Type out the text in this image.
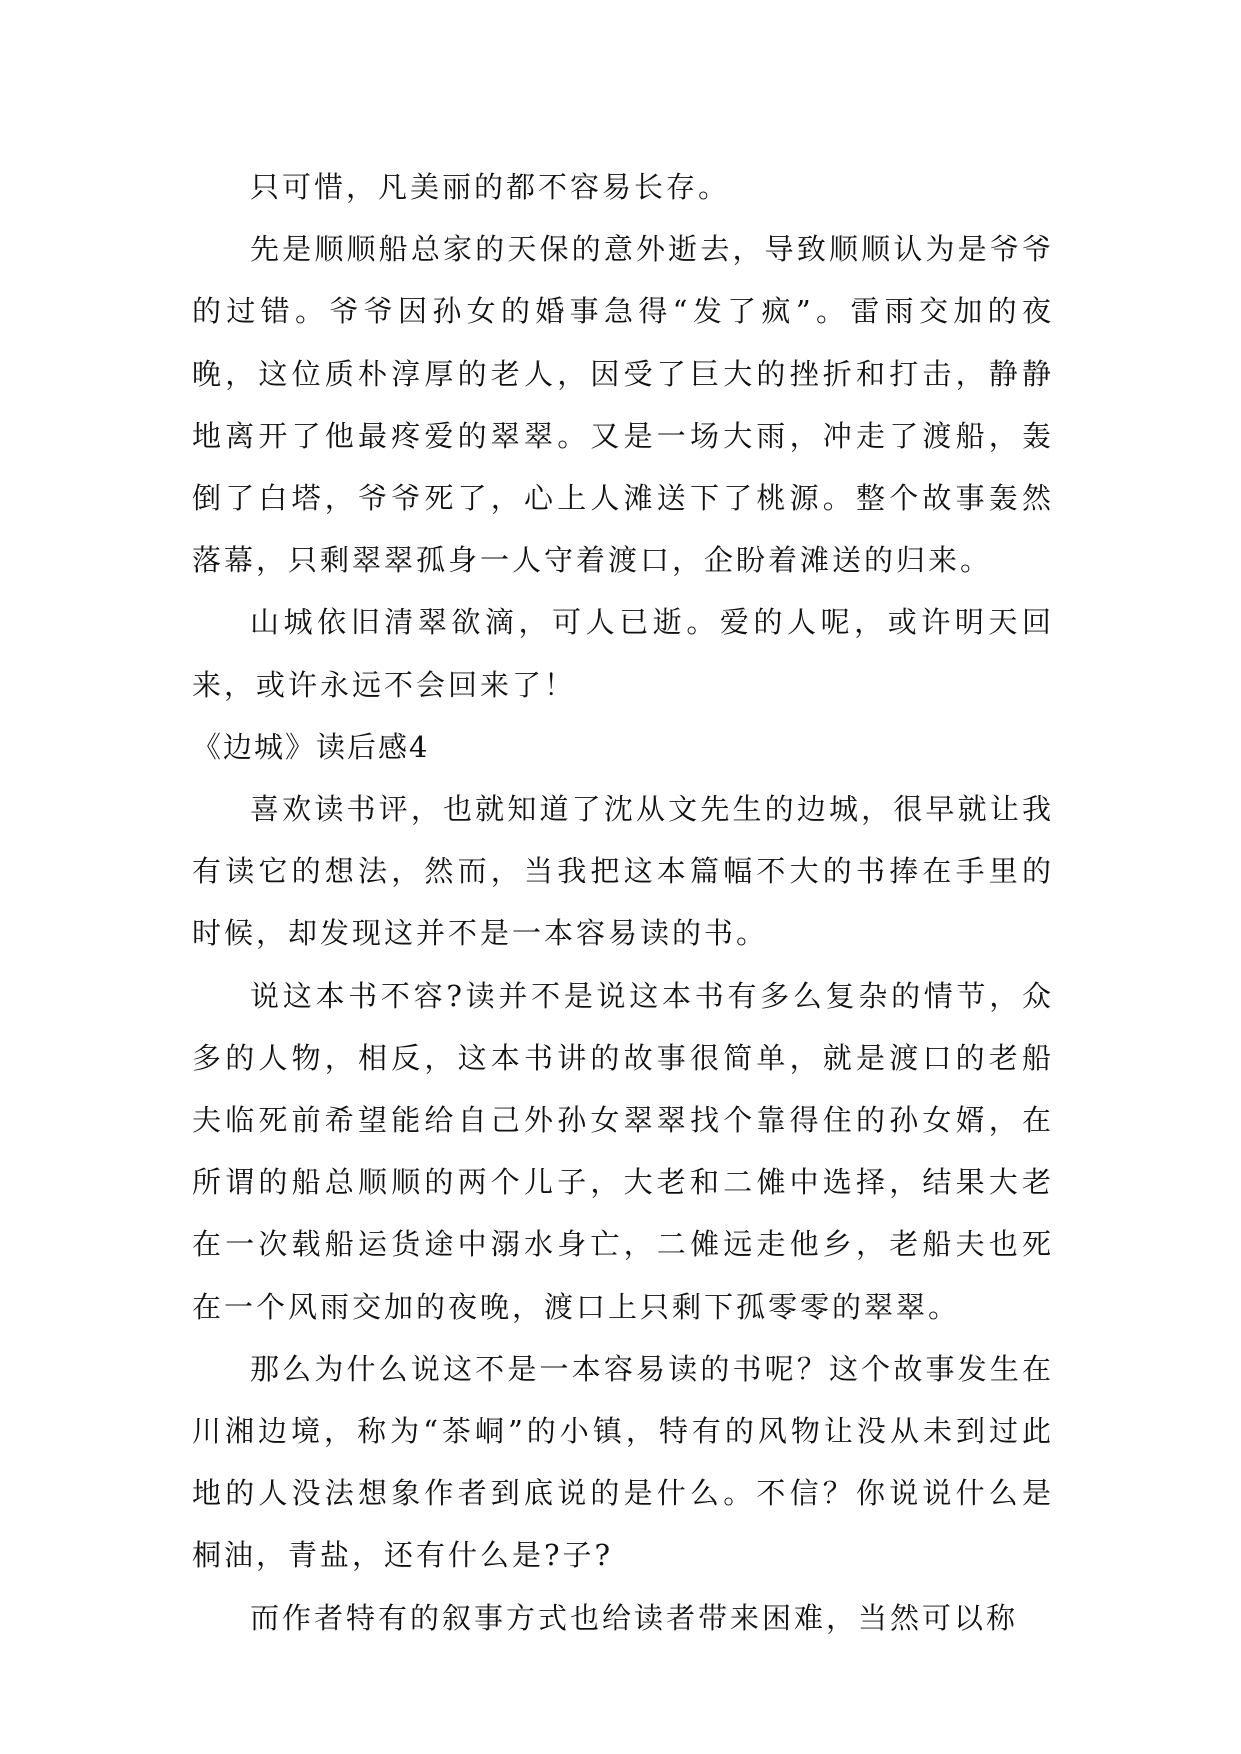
只可惜，凡美丽的都不容易长存。

先是顺顺船总家的天保的意外逝去，导致顺顺认为是爷爷的过错。爷爷因孙女的婚事急得“发了疯”。雷雨交加的夜晚，这位质朴淳厚的老人，因受了巨大的挫折和打击，静静地离开了他最疼爱的翠翠。又是一场大雨，冲走了渡船，轰倒了白塔，爷爷死了，心上人滩送下了桃源。整个故事轰然落幕，只剩翠翠孤身一人守着渡口，企盼着滩送的归来。

山城依旧清翠欲滴，可人已逝。爱的人呢，或许明天回来，或许永远不会回来了！

《边城》读后感4

喜欢读书评，也就知道了沈从文先生的边城，很早就让我有读它的想法，然而，当我把这本篇幅不大的书捧在手里的时候，却发现这并不是一本容易读的书。

说这本书不容?读并不是说这本书有多么复杂的情节，众多的人物，相反，这本书讲的故事很简单，就是渡口的老船夫临死前希望能给自己外孙女翠翠找个靠得住的孙女婿，在所谓的船总顺顺的两个儿子，大老和二傩中选择，结果大老在一次载船运货途中溺水身亡，二傩远走他乡，老船夫也死在一个风雨交加的夜晚，渡口上只剩下孤零零的翠翠。

那么为什么说这不是一本容易读的书呢？这个故事发生在川湘边境，称为“茶峒”的小镇，特有的风物让没从未到过此地的人没法想象作者到底说的是什么。不信？你说说什么是桐油，青盐，还有什么是?子?

而作者特有的叙事方式也给读者带来困难，当然可以称
